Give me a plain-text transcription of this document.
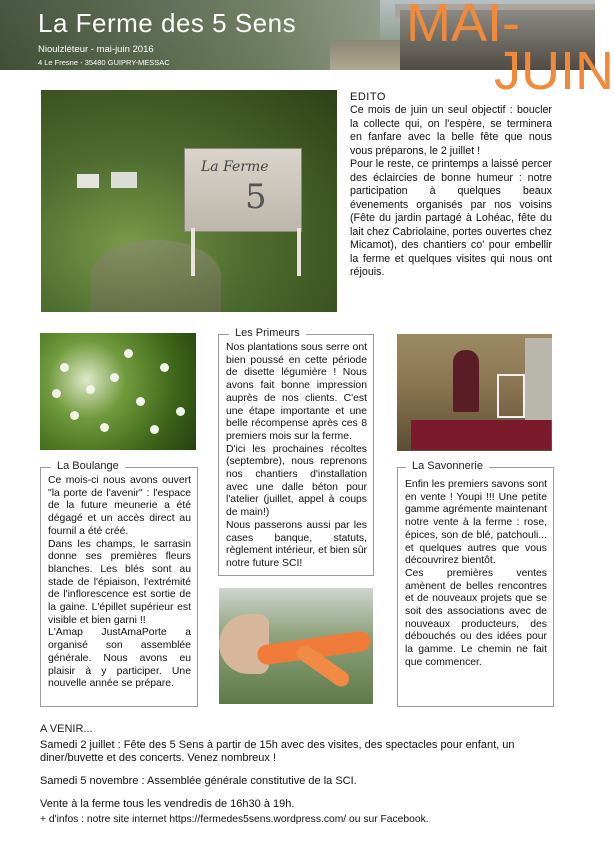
La Ferme des 5 Sens
Nioulzléteur - mai-juin 2016
4 Le Fresne - 35480 GUIPRY-MESSAC
MAI-
JUIN
La Ferme
5
EDITO

Ce mois de juin un seul objectif : boucler la collecte qui, on l'espère, se terminera en fanfare avec la belle fête que nous vous préparons, le 2 juillet !

Pour le reste, ce printemps a laissé percer des éclaircies de bonne humeur : notre participation à quelques beaux évenements organisés par nos voisins (Fête du jardin partagé à Lohéac, fête du lait chez Cabriolaine, portes ouvertes chez Micamot), des chantiers co' pour embellir la ferme et quelques visites qui nous ont réjouis.

Les Primeurs

Nos plantations sous serre ont bien poussé en cette période de disette légumière ! Nous avons fait bonne impression auprès de nos clients. C'est une étape importante et une belle récompense après ces 8 premiers mois sur la ferme.

D'ici les prochaines récoltes (septembre), nous reprenons nos chantiers d'installation avec une dalle béton pour l'atelier (juillet, appel à coups de main!)

Nous passerons aussi par les cases banque, statuts, règlement intérieur, et bien sûr notre future SCI!

La Boulange

Ce mois-ci nous avons ouvert "la porte de l'avenir" : l'espace de la future meunerie a été dégagé et un accès direct au fournil a été créé.

Dans les champs, le sarrasin donne ses premières fleurs blanches. Les blés sont au stade de l'épiaison, l'extrémité de l'inflorescence est sortie de la gaine. L'épillet supérieur est visible et bien garni !!

L'Amap JustAmaPorte a organisé son assemblée générale. Nous avons eu plaisir à y participer. Une nouvelle année se prépare.

La Savonnerie

Enfin les premiers savons sont en vente ! Youpi !!! Une petite gamme agrémente maintenant notre vente à la ferme : rose, épices, son de blé, patchouli... et quelques autres que vous découvrirez bientôt.

Ces premières ventes amènent de belles rencontres et de nouveaux projets que se soit des associations avec de nouveaux producteurs, des débouchés ou des idées pour la gamme. Le chemin ne fait que commencer.

A VENIR...
Samedi 2 juillet : Fête des 5 Sens à partir de 15h avec des visites, des spectacles pour enfant, un diner/buvette et des concerts. Venez nombreux !
Samedi 5 novembre : Assemblée générale constitutive de la SCI.
Vente à la ferme tous les vendredis de 16h30 à 19h.
+ d'infos : notre site internet https://fermedes5sens.wordpress.com/ ou sur Facebook.
